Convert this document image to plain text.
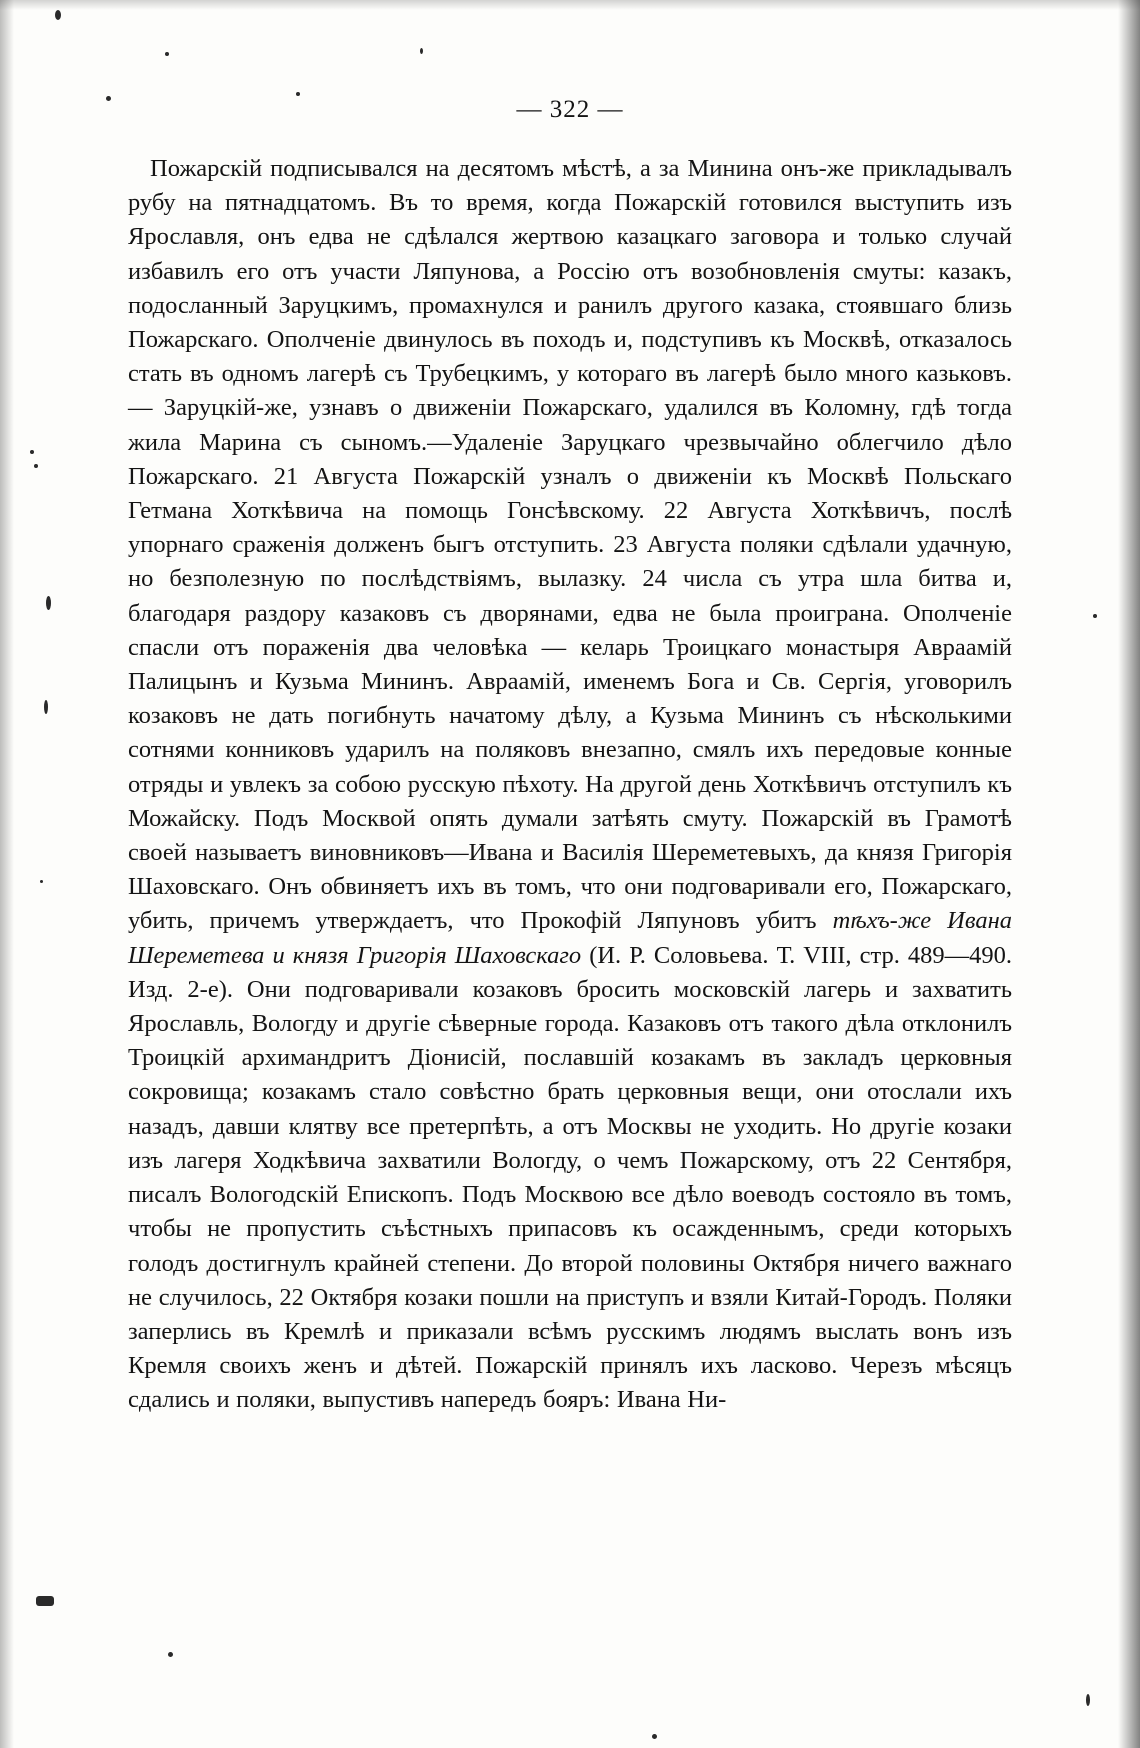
— 322 —

Пожарскій подписывался на десятомъ мѣстѣ, а за Минина онъ-же прикладывалъ рубу на пятнадцатомъ. Въ то время, когда Пожарскій готовился выступить изъ Ярославля, онъ едва не сдѣлался жертвою казацкаго заговора и только случай избавилъ его отъ участи Ляпунова, а Россію отъ возобновленія смуты: казакъ, подосланный Заруцкимъ, промахнулся и ранилъ другого казака, стоявшаго близь Пожарскаго. Ополченіе двинулось въ походъ и, подступивъ къ Москвѣ, отказалось стать въ одномъ лагерѣ съ Трубецкимъ, у котораго въ лагерѣ было много казьковъ. — Заруцкій-же, узнавъ о движеніи Пожарскаго, удалился въ Коломну, гдѣ тогда жила Марина съ сыномъ.—Удаленіе Заруцкаго чрезвычайно облегчило дѣло Пожарскаго. 21 Августа Пожарскій узналъ о движеніи къ Москвѣ Польскаго Гетмана Хоткѣвича на помощь Гонсѣвскому. 22 Августа Хоткѣвичъ, послѣ упорнаго сраженія долженъ быгъ отступить. 23 Августа поляки сдѣлали удачную, но безполезную по послѣдствіямъ, вылазку. 24 числа съ утра шла битва и, благодаря раздору казаковъ съ дворянами, едва не была проиграна. Ополченіе спасли отъ пораженія два человѣка — келарь Троицкаго монастыря Авраамій Палицынъ и Кузьма Мининъ. Авраамій, именемъ Бога и Св. Сергія, уговорилъ козаковъ не дать погибнуть начатому дѣлу, а Кузьма Мининъ съ нѣсколькими сотнями конниковъ ударилъ на поляковъ внезапно, смялъ ихъ передовые конные отряды и увлекъ за собою русскую пѣхоту. На другой день Хоткѣвичъ отступилъ къ Можайску. Подъ Москвой опять думали затѣять смуту. Пожарскій въ Грамотѣ своей называетъ виновниковъ—Ивана и Василія Шереметевыхъ, да князя Григорія Шаховскаго. Онъ обвиняетъ ихъ въ томъ, что они подговаривали его, Пожарскаго, убить, причемъ утверждаетъ, что Прокофій Ляпуновъ убитъ тѣхъ-же Ивана Шереметева и князя Григорія Шаховскаго (И. Р. Соловьева. Т. VIII, стр. 489—490. Изд. 2-е). Они подговаривали козаковъ бросить московскій лагерь и захватить Ярославль, Вологду и другіе сѣверные города. Казаковъ отъ такого дѣла отклонилъ Троицкій архимандритъ Діонисій, пославшій козакамъ въ закладъ церковныя сокровища; козакамъ стало совѣстно брать церковныя вещи, они отослали ихъ назадъ, давши клятву все претерпѣть, а отъ Москвы не уходить. Но другіе козаки изъ лагеря Ходкѣвича захватили Вологду, о чемъ Пожарскому, отъ 22 Сентября, писалъ Вологодскій Епископъ. Подъ Москвою все дѣло воеводъ состояло въ томъ, чтобы не пропустить съѣстныхъ припасовъ къ осажденнымъ, среди которыхъ голодъ достигнулъ крайней степени. До второй половины Октября ничего важнаго не случилось, 22 Октября козаки пошли на приступъ и взяли Китай-Городъ. Поляки заперлись въ Кремлѣ и приказали всѣмъ русскимъ людямъ выслать вонъ изъ Кремля своихъ женъ и дѣтей. Пожарскій принялъ ихъ ласково. Черезъ мѣсяцъ сдались и поляки, выпустивъ напередъ бояръ: Ивана Ни-
